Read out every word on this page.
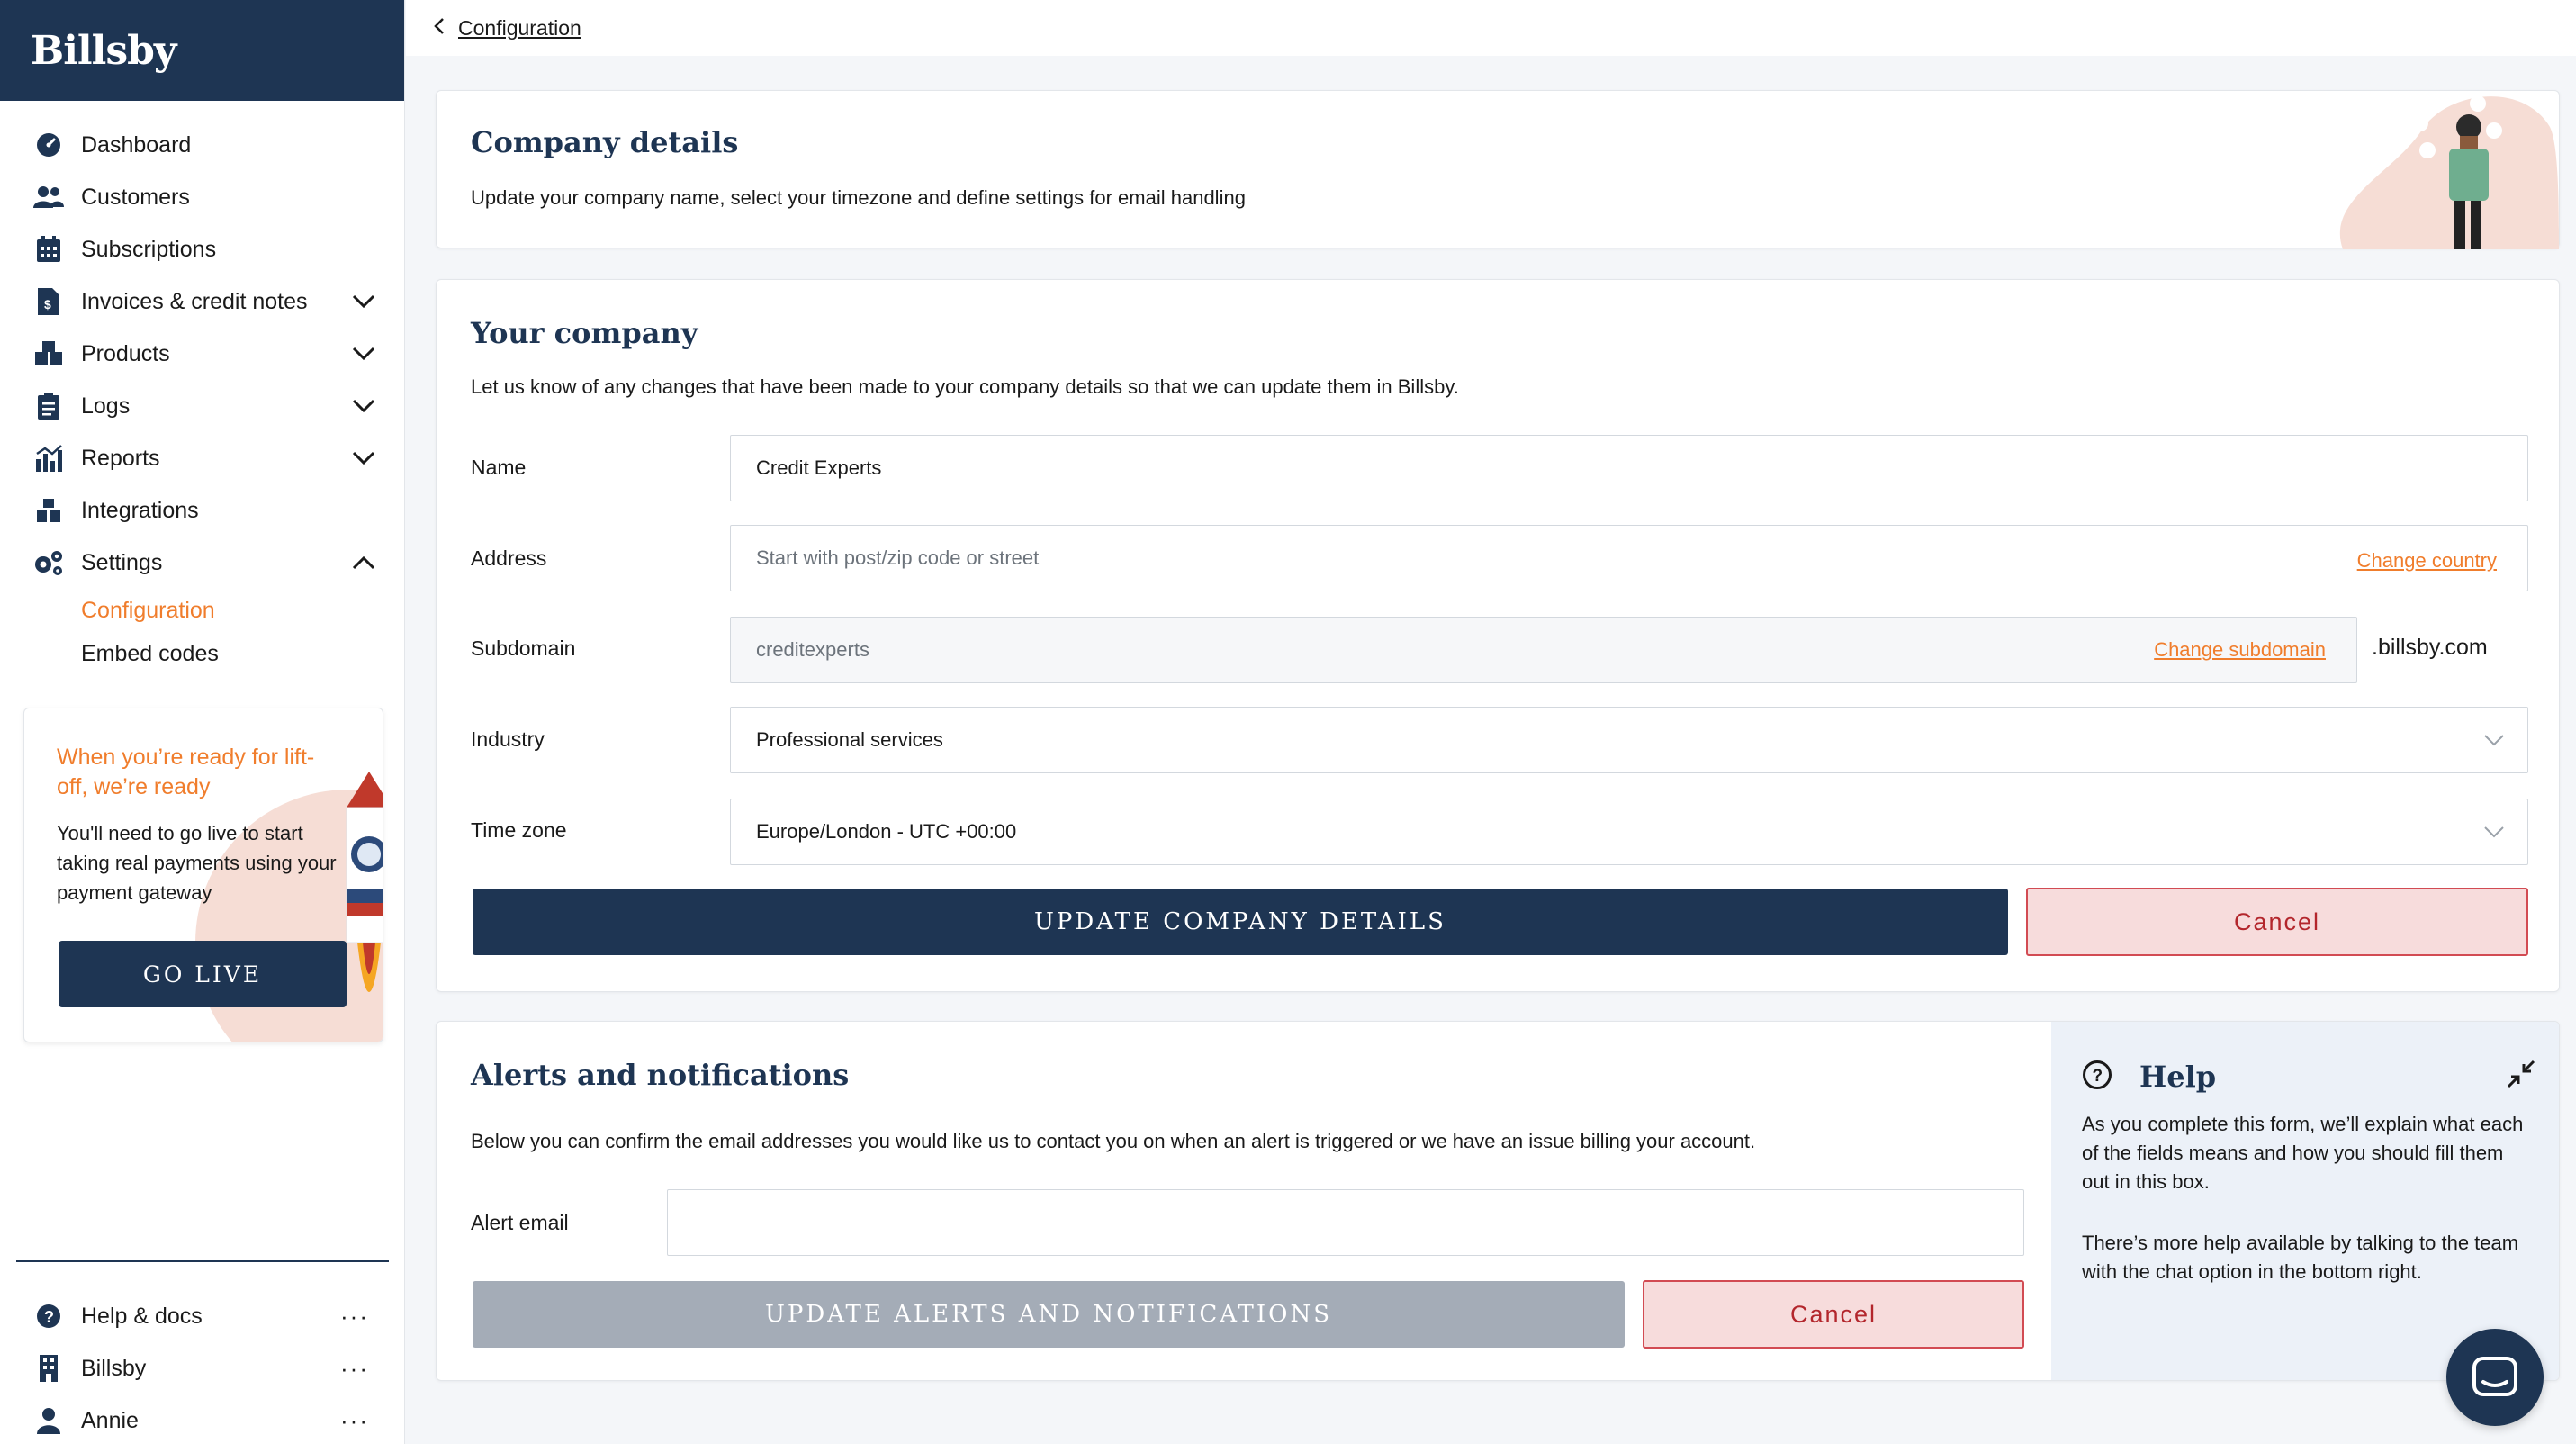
Billsby
Dashboard
Customers
Subscriptions
$ Invoices & credit notes
Products
Logs
Reports
Integrations
Settings
Configuration
Embed codes
When you’re ready for lift-off, we’re ready
You'll need to go live to start taking real payments using your payment gateway
GO LIVE
? Help & docs	···
Billsby	···
Annie	···
Configuration
Company details

Update your company name, select your timezone and define settings for email handling

Your company

Let us know of any changes that have been made to your company details so that we can update them in Billsby.

Name	Credit Experts
Address	Start with post/zip code or street	Change country
Subdomain	creditexperts	Change subdomain .billsby.com
Industry	Professional services
Time zone	Europe/London - UTC +00:00
UPDATE COMPANY DETAILS	Cancel
Alerts and notifications

Below you can confirm the email addresses you would like us to contact you on when an alert is triggered or we have an issue billing your account.

Alert email
UPDATE ALERTS AND NOTIFICATIONS	Cancel
? Help

As you complete this form, we’ll explain what each of the fields means and how you should fill them out in this box.

There’s more help available by talking to the team with the chat option in the bottom right.
